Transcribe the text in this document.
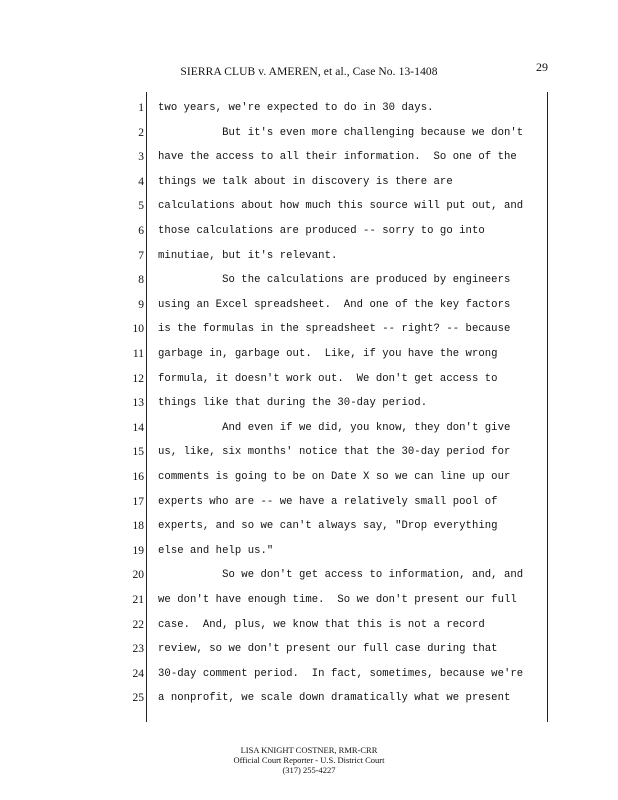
SIERRA CLUB v. AMEREN, et al., Case No. 13-1408	29
1 two years, we're expected to do in 30 days.
2 But it's even more challenging because we don't
3 have the access to all their information.  So one of the
4 things we talk about in discovery is there are
5 calculations about how much this source will put out, and
6 those calculations are produced -- sorry to go into
7 minutiae, but it's relevant.
8 So the calculations are produced by engineers
9 using an Excel spreadsheet.  And one of the key factors
10 is the formulas in the spreadsheet -- right? -- because
11 garbage in, garbage out.  Like, if you have the wrong
12 formula, it doesn't work out.  We don't get access to
13 things like that during the 30-day period.
14 And even if we did, you know, they don't give
15 us, like, six months' notice that the 30-day period for
16 comments is going to be on Date X so we can line up our
17 experts who are -- we have a relatively small pool of
18 experts, and so we can't always say, "Drop everything
19 else and help us."
20 So we don't get access to information, and, and
21 we don't have enough time.  So we don't present our full
22 case.  And, plus, we know that this is not a record
23 review, so we don't present our full case during that
24 30-day comment period.  In fact, sometimes, because we're
25 a nonprofit, we scale down dramatically what we present
LISA KNIGHT COSTNER, RMR-CRR
Official Court Reporter - U.S. District Court
(317) 255-4227
